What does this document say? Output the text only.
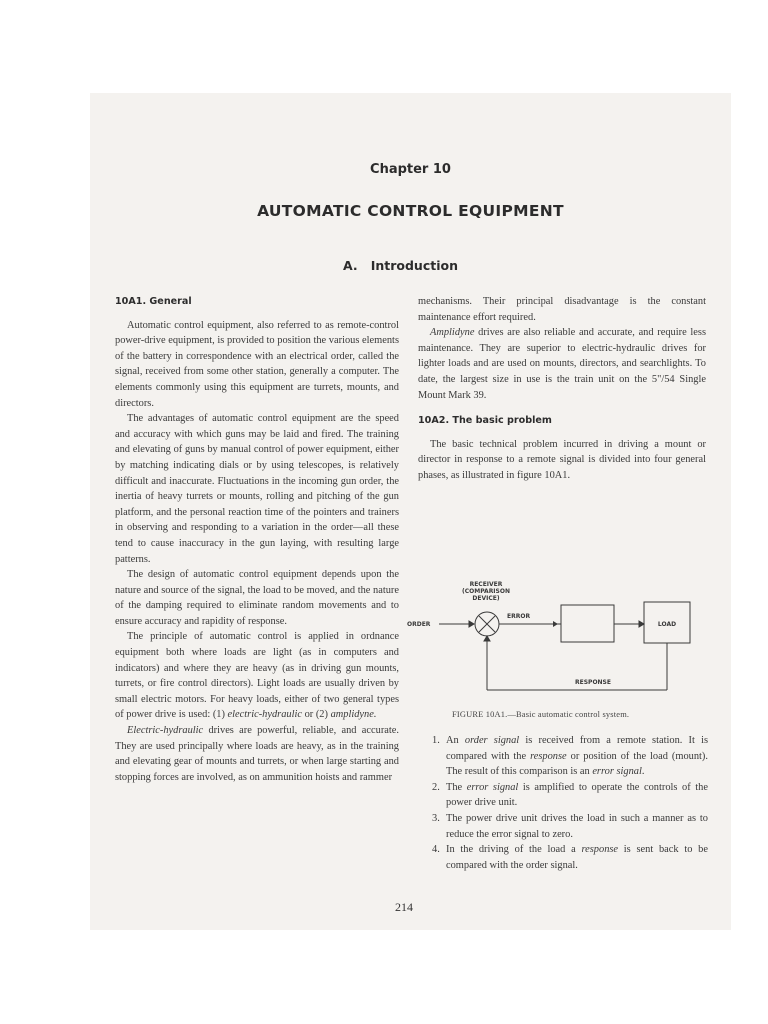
Chapter 10
AUTOMATIC CONTROL EQUIPMENT
A.   Introduction
10A1. General

Automatic control equipment, also referred to as remote-control power-drive equipment, is provided to position the various elements of the battery in correspondence with an electrical order, called the signal, received from some other station, generally a computer. The elements commonly using this equipment are turrets, mounts, and directors.

The advantages of automatic control equipment are the speed and accuracy with which guns may be laid and fired. The training and elevating of guns by manual control of power equipment, either by matching indicating dials or by using telescopes, is relatively difficult and inaccurate. Fluctuations in the incoming gun order, the inertia of heavy turrets or mounts, rolling and pitching of the gun platform, and the personal reaction time of the pointers and trainers in observing and responding to a variation in the order—all these tend to cause inaccuracy in the gun laying, with resulting large patterns.

The design of automatic control equipment depends upon the nature and source of the signal, the load to be moved, and the nature of the damping required to eliminate random movements and to ensure accuracy and rapidity of response.

The principle of automatic control is applied in ordnance equipment both where loads are light (as in computers and indicators) and where they are heavy (as in driving gun mounts, turrets, or fire control directors). Light loads are usually driven by small electric motors. For heavy loads, either of two general types of power drive is used: (1) electric-hydraulic or (2) amplidyne.

Electric-hydraulic drives are powerful, reliable, and accurate. They are used principally where loads are heavy, as in the training and elevating gear of mounts and turrets, or when large starting and stopping forces are involved, as on ammunition hoists and rammer

mechanisms. Their principal disadvantage is the constant maintenance effort required.

Amplidyne drives are also reliable and accurate, and require less maintenance. They are superior to electric-hydraulic drives for lighter loads and are used on mounts, directors, and searchlights. To date, the largest size in use is the train unit on the 5"/54 Single Mount Mark 39.

10A2. The basic problem

The basic technical problem incurred in driving a mount or director in response to a remote signal is divided into four general phases, as illustrated in figure 10A1.

RECEIVER
(COMPARISON
DEVICE)
ORDER
ERROR
LOAD
RESPONSE
FIGURE 10A1.—Basic automatic control system.
1. An order signal is received from a remote station. It is compared with the response or position of the load (mount). The result of this comparison is an error signal.
2. The error signal is amplified to operate the controls of the power drive unit.
3. The power drive unit drives the load in such a manner as to reduce the error signal to zero.
4. In the driving of the load a response is sent back to be compared with the order signal.
214
